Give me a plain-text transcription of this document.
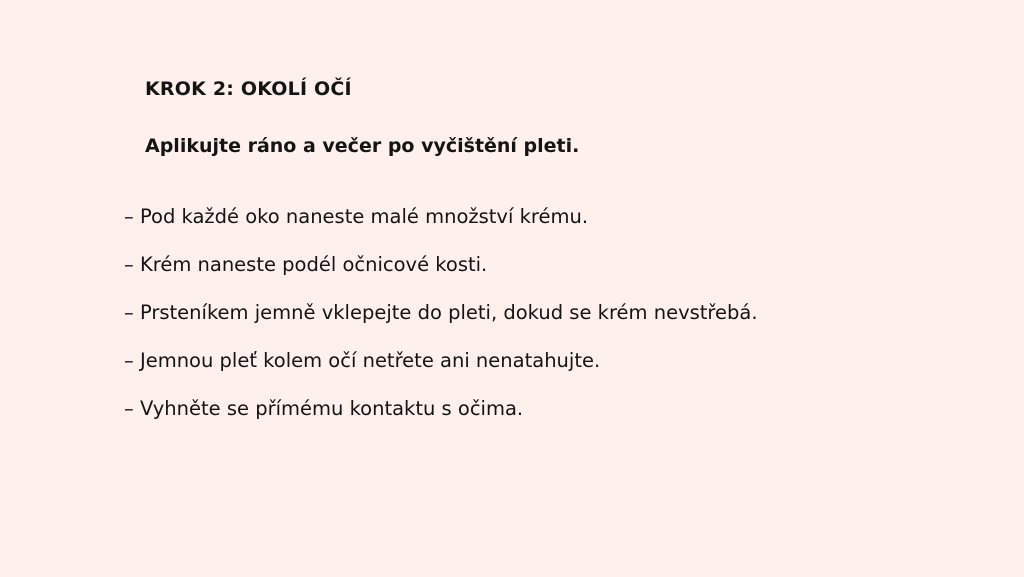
KROK 2: OKOLÍ OČÍ
Aplikujte ráno a večer po vyčištění pleti.
– Pod každé oko naneste malé množství krému.
– Krém naneste podél očnicové kosti.
– Prsteníkem jemně vklepejte do pleti, dokud se krém nevstřebá.
– Jemnou pleť kolem očí netřete ani nenatahujte.
– Vyhněte se přímému kontaktu s očima.
